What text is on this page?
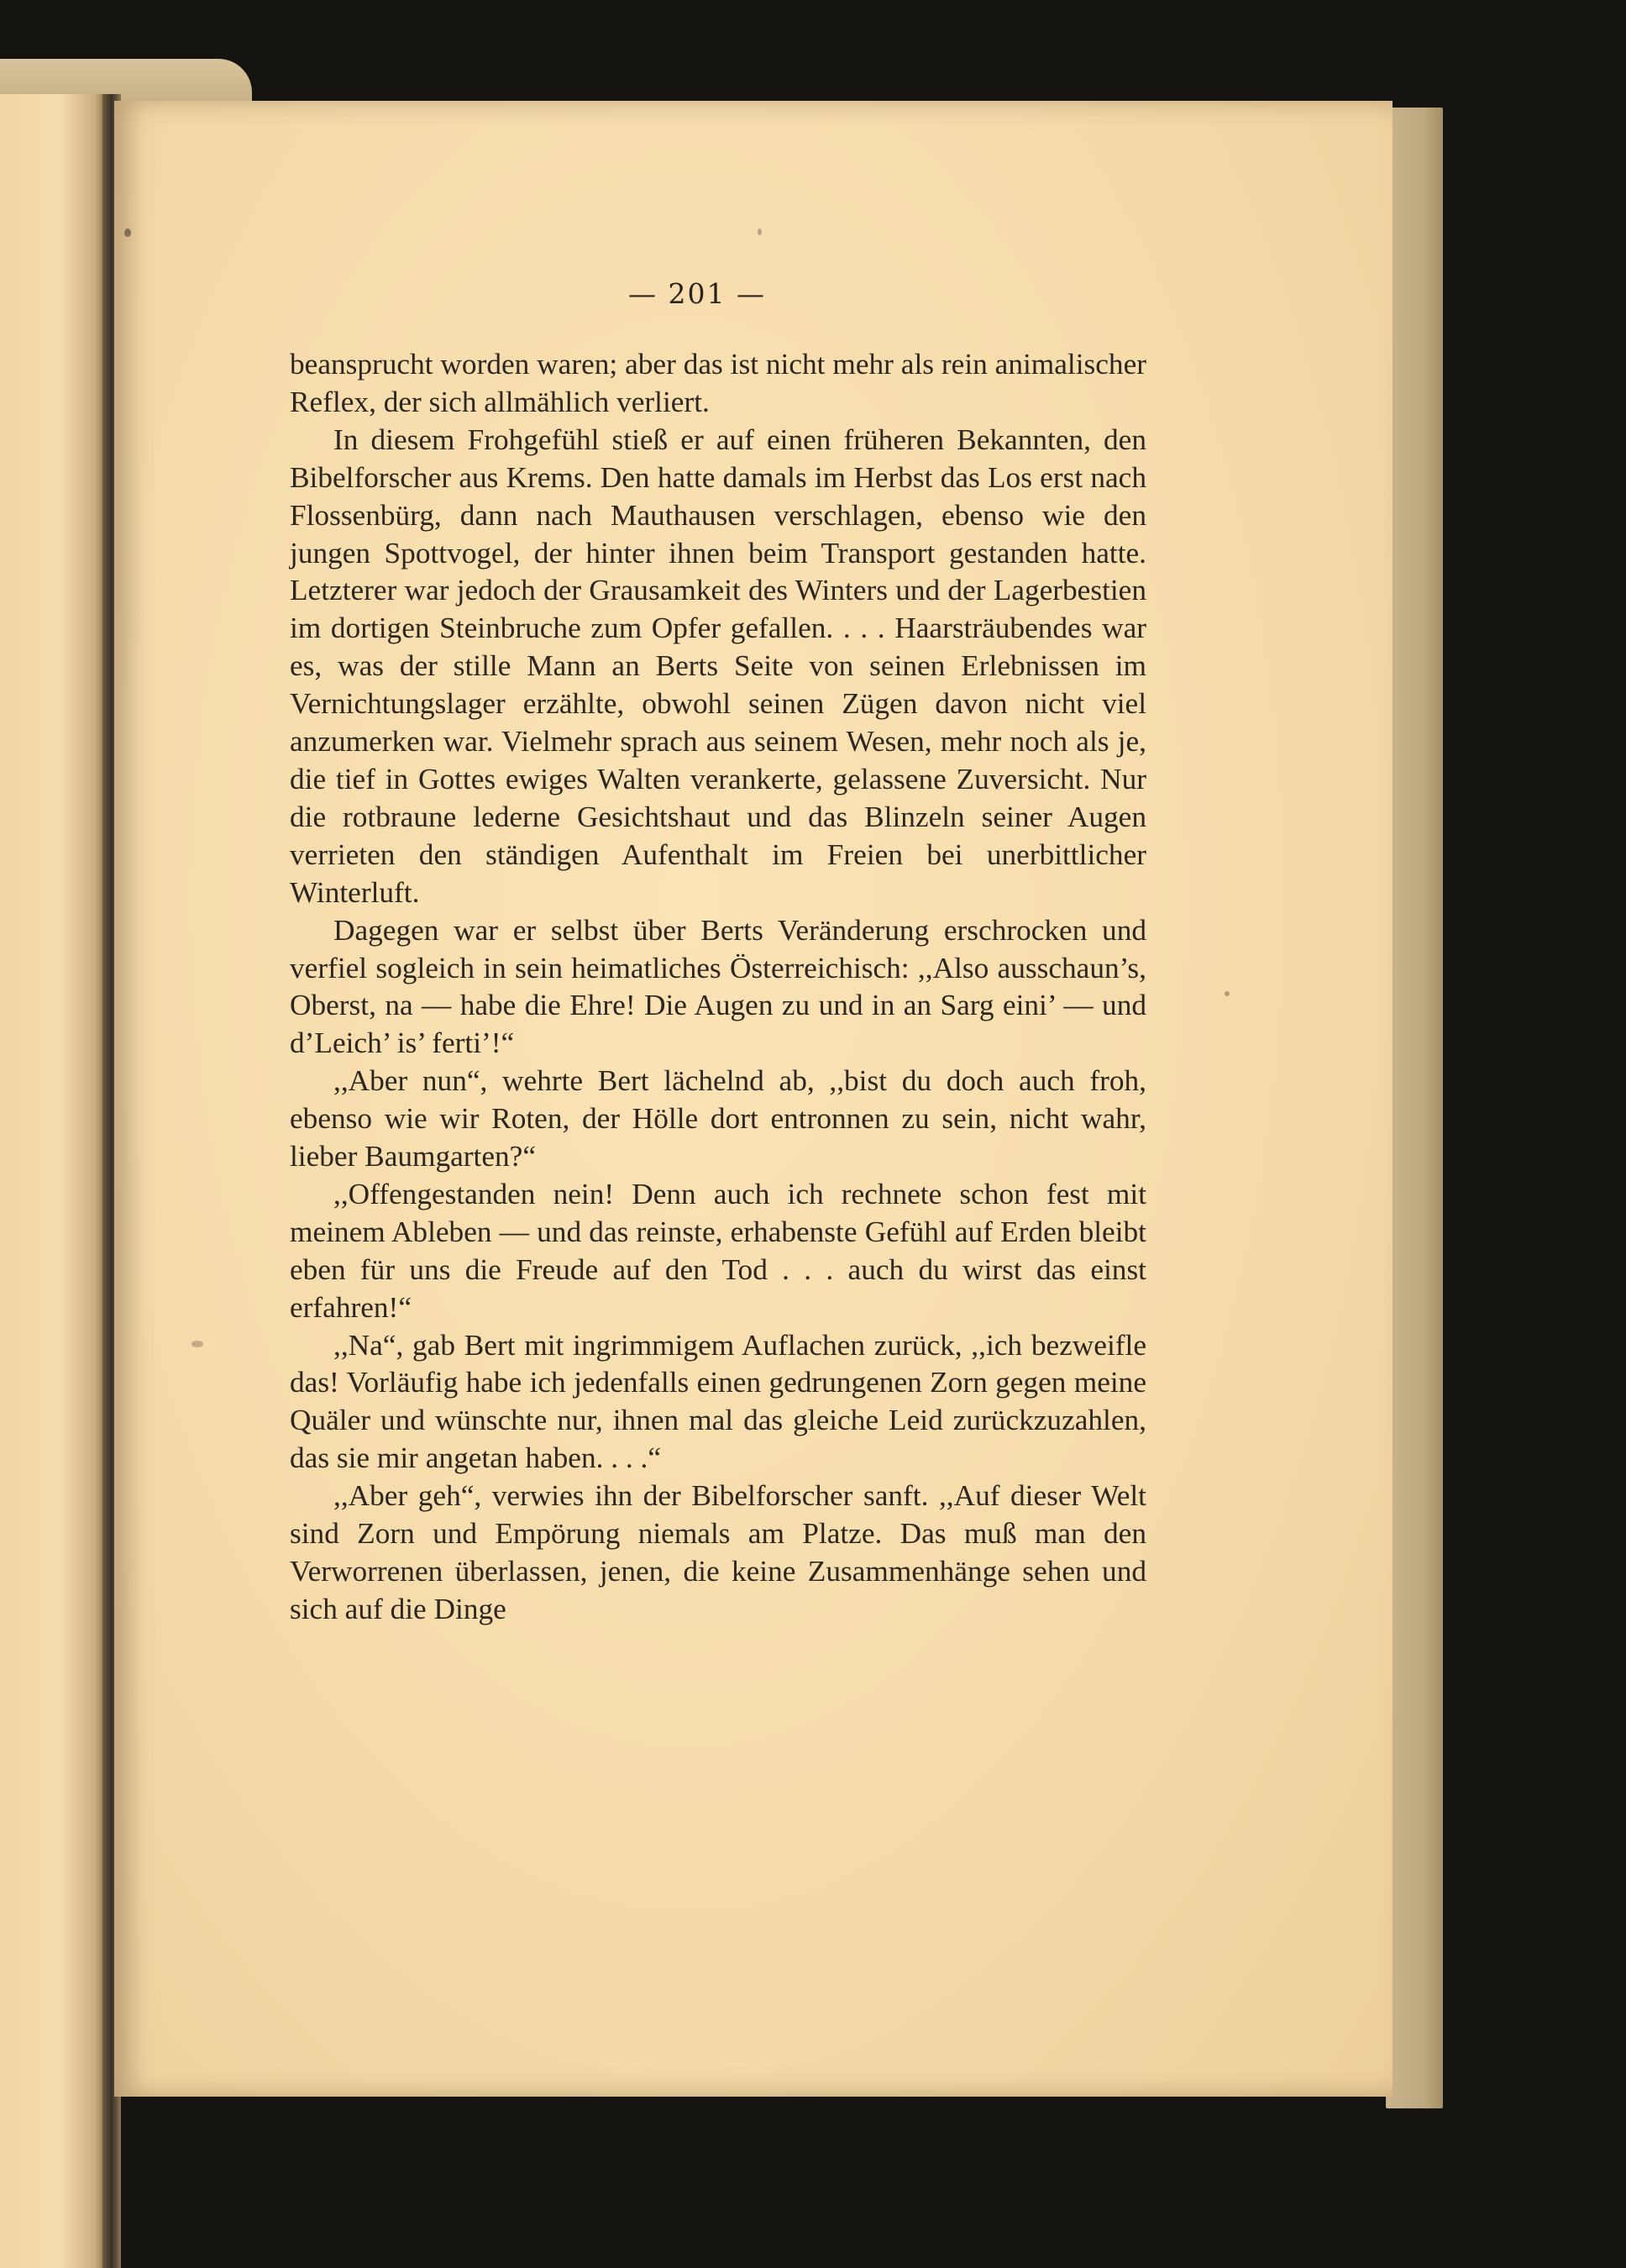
— 201 —

beansprucht worden waren; aber das ist nicht mehr als rein animalischer Reflex, der sich allmählich verliert.

In diesem Frohgefühl stieß er auf einen früheren Bekannten, den Bibelforscher aus Krems. Den hatte damals im Herbst das Los erst nach Flossenbürg, dann nach Mauthausen verschlagen, ebenso wie den jungen Spottvogel, der hinter ihnen beim Transport gestanden hatte. Letzterer war jedoch der Grausamkeit des Winters und der Lagerbestien im dortigen Steinbruche zum Opfer gefallen. . . . Haarsträubendes war es, was der stille Mann an Berts Seite von seinen Erlebnissen im Vernichtungslager erzählte, obwohl seinen Zügen davon nicht viel anzumerken war. Vielmehr sprach aus seinem Wesen, mehr noch als je, die tief in Gottes ewiges Walten verankerte, gelassene Zuversicht. Nur die rotbraune lederne Gesichtshaut und das Blinzeln seiner Augen verrieten den ständigen Aufenthalt im Freien bei unerbittlicher Winterluft.

Dagegen war er selbst über Berts Veränderung erschrocken und verfiel sogleich in sein heimatliches Österreichisch: ,,Also ausschaun’s, Oberst, na — habe die Ehre! Die Augen zu und in an Sarg eini’ — und d’Leich’ is’ ferti’!“

,,Aber nun“, wehrte Bert lächelnd ab, ,,bist du doch auch froh, ebenso wie wir Roten, der Hölle dort entronnen zu sein, nicht wahr, lieber Baumgarten?“

,,Offengestanden nein! Denn auch ich rechnete schon fest mit meinem Ableben — und das reinste, erhabenste Gefühl auf Erden bleibt eben für uns die Freude auf den Tod . . . auch du wirst das einst erfahren!“

,,Na“, gab Bert mit ingrimmigem Auflachen zurück, ,,ich bezweifle das! Vorläufig habe ich jedenfalls einen gedrungenen Zorn gegen meine Quäler und wünschte nur, ihnen mal das gleiche Leid zurückzuzahlen, das sie mir angetan haben. . . .“

,,Aber geh“, verwies ihn der Bibelforscher sanft. ,,Auf dieser Welt sind Zorn und Empörung niemals am Platze. Das muß man den Verworrenen überlassen, jenen, die keine Zusammenhänge sehen und sich auf die Dinge
